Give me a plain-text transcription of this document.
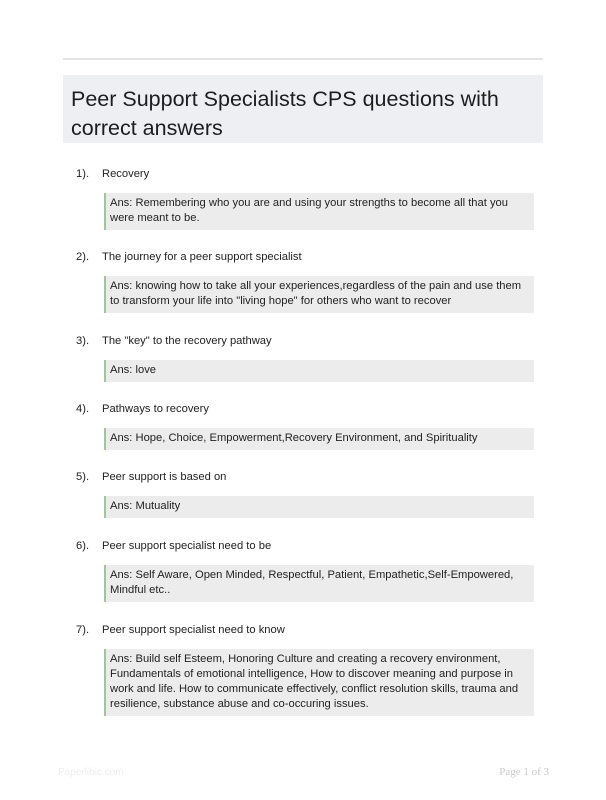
Peer Support Specialists CPS questions with correct answers
1). Recovery
Ans: Remembering who you are and using your strengths to become all that you were meant to be.
2). The journey for a peer support specialist
Ans: knowing how to take all your experiences,regardless of the pain and use them to transform your life into "living hope" for others who want to recover
3). The "key" to the recovery pathway
Ans: love
4). Pathways to recovery
Ans: Hope, Choice, Empowerment,Recovery Environment, and Spirituality
5). Peer support is based on
Ans: Mutuality
6). Peer support specialist need to be
Ans: Self Aware, Open Minded, Respectful, Patient, Empathetic,Self-Empowered, Mindful etc..
7). Peer support specialist need to know
Ans: Build self Esteem, Honoring Culture and creating a recovery environment, Fundamentals of emotional intelligence, How to discover meaning and purpose in work and life. How to communicate effectively, conflict resolution skills, trauma and resilience, substance abuse and co-occuring issues.
Paperlibic.com	Page 1 of 3
